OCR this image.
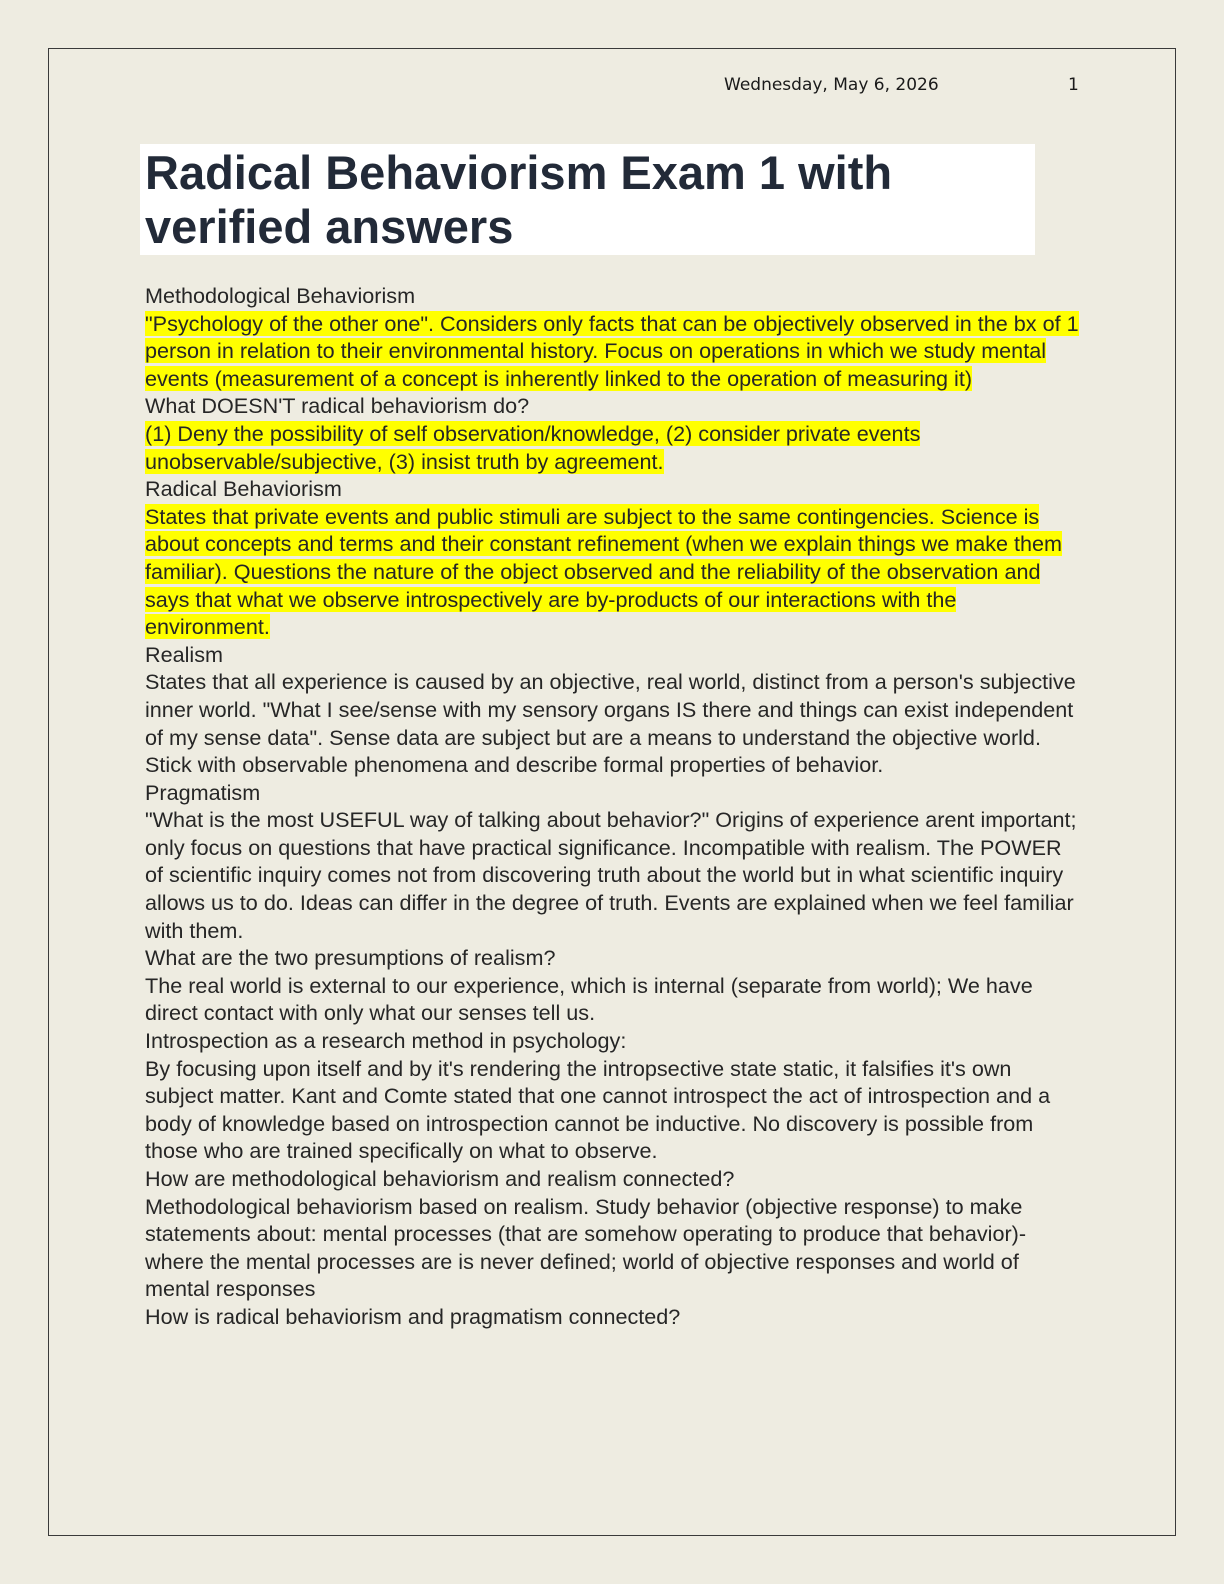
Wednesday, May 6, 2026	1
Radical Behaviorism Exam 1 with verified answers

Methodological Behaviorism

"Psychology of the other one". Considers only facts that can be objectively observed in the bx of 1 person in relation to their environmental history. Focus on operations in which we study mental events (measurement of a concept is inherently linked to the operation of measuring it)

What DOESN'T radical behaviorism do?

(1) Deny the possibility of self observation/knowledge, (2) consider private events unobservable/subjective, (3) insist truth by agreement.

Radical Behaviorism

States that private events and public stimuli are subject to the same contingencies. Science is about concepts and terms and their constant refinement (when we explain things we make them familiar). Questions the nature of the object observed and the reliability of the observation and says that what we observe introspectively are by-products of our interactions with the environment.

Realism

States that all experience is caused by an objective, real world, distinct from a person's subjective inner world. "What I see/sense with my sensory organs IS there and things can exist independent of my sense data". Sense data are subject but are a means to understand the objective world. Stick with observable phenomena and describe formal properties of behavior.

Pragmatism

"What is the most USEFUL way of talking about behavior?" Origins of experience arent important; only focus on questions that have practical significance. Incompatible with realism. The POWER of scientific inquiry comes not from discovering truth about the world but in what scientific inquiry allows us to do. Ideas can differ in the degree of truth. Events are explained when we feel familiar with them.

What are the two presumptions of realism?

The real world is external to our experience, which is internal (separate from world); We have direct contact with only what our senses tell us.

Introspection as a research method in psychology:

By focusing upon itself and by it's rendering the intropsective state static, it falsifies it's own subject matter. Kant and Comte stated that one cannot introspect the act of introspection and a body of knowledge based on introspection cannot be inductive. No discovery is possible from those who are trained specifically on what to observe.

How are methodological behaviorism and realism connected?

Methodological behaviorism based on realism. Study behavior (objective response) to make statements about: mental processes (that are somehow operating to produce that behavior)- where the mental processes are is never defined; world of objective responses and world of mental responses

How is radical behaviorism and pragmatism connected?
